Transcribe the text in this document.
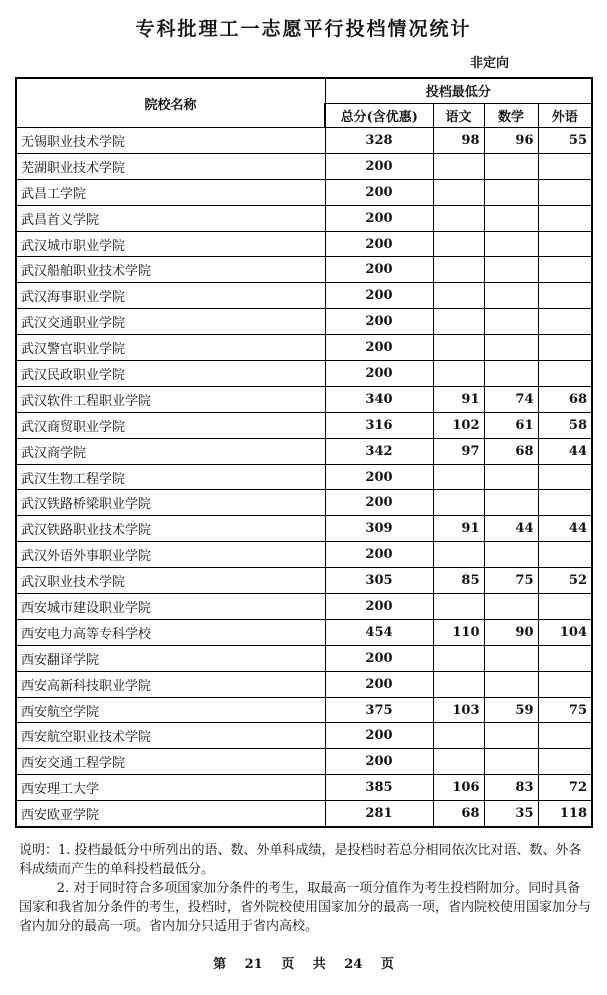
专科批理工一志愿平行投档情况统计
非定向
院校名称	投档最低分			
	总分(含优惠)	语文	数学	外语
无锡职业技术学院	328	98	96	55
芜湖职业技术学院	200			
武昌工学院	200			
武昌首义学院	200			
武汉城市职业学院	200			
武汉船舶职业技术学院	200			
武汉海事职业学院	200			
武汉交通职业学院	200			
武汉警官职业学院	200			
武汉民政职业学院	200			
武汉软件工程职业学院	340	91	74	68
武汉商贸职业学院	316	102	61	58
武汉商学院	342	97	68	44
武汉生物工程学院	200			
武汉铁路桥梁职业学院	200			
武汉铁路职业技术学院	309	91	44	44
武汉外语外事职业学院	200			
武汉职业技术学院	305	85	75	52
西安城市建设职业学院	200			
西安电力高等专科学校	454	110	90	104
西安翻译学院	200			
西安高新科技职业学院	200			
西安航空学院	375	103	59	75
西安航空职业技术学院	200			
西安交通工程学院	200			
西安理工大学	385	106	83	72
西安欧亚学院	281	68	35	118

说明：1. 投档最低分中所列出的语、数、外单科成绩，是投档时若总分相同依次比对语、数、外各科成绩而产生的单科投档最低分。

2. 对于同时符合多项国家加分条件的考生，取最高一项分值作为考生投档附加分。同时具备国家和我省加分条件的考生，投档时，省外院校使用国家加分的最高一项，省内院校使用国家加分与省内加分的最高一项。省内加分只适用于省内高校。

第 21 页 共 24 页
